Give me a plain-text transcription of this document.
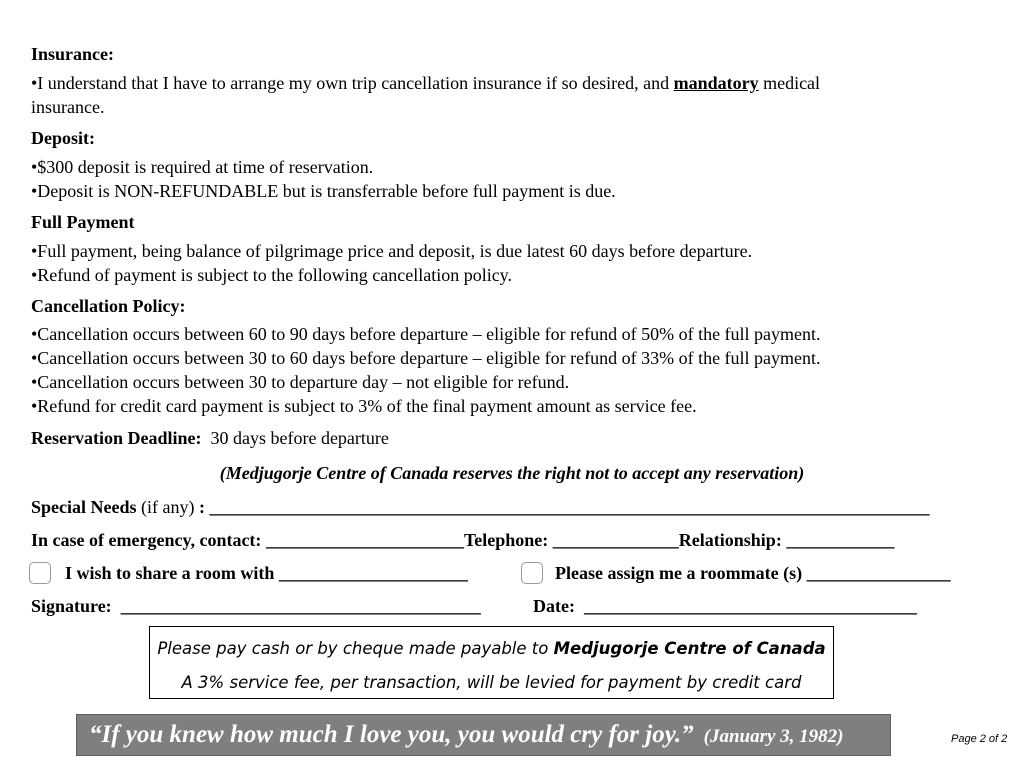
Insurance:
•I understand that I have to arrange my own trip cancellation insurance if so desired, and mandatory medical
insurance.
Deposit:
•$300 deposit is required at time of reservation.
•Deposit is NON-REFUNDABLE but is transferrable before full payment is due.
Full Payment
•Full payment, being balance of pilgrimage price and deposit, is due latest 60 days before departure.
•Refund of payment is subject to the following cancellation policy.
Cancellation Policy:
•Cancellation occurs between 60 to 90 days before departure – eligible for refund of 50% of the full payment.
•Cancellation occurs between 30 to 60 days before departure – eligible for refund of 33% of the full payment.
•Cancellation occurs between 30 to departure day – not eligible for refund.
•Refund for credit card payment is subject to 3% of the final payment amount as service fee.
Reservation Deadline: 30 days before departure
(Medjugorje Centre of Canada reserves the right not to accept any reservation)
Special Needs (if any) : ________________________________________________________________________________
In case of emergency, contact: ______________________Telephone: ______________Relationship: ____________
I wish to share a room with _____________________	Please assign me a roommate (s) ________________
Signature:  ________________________________________	Date:  _____________________________________
Please pay cash or by cheque made payable to Medjugorje Centre of Canada
A 3% service fee, per transaction, will be levied for payment by credit card
“If you knew how much I love you, you would cry for joy.” (January 3, 1982)	Page 2 of 2
